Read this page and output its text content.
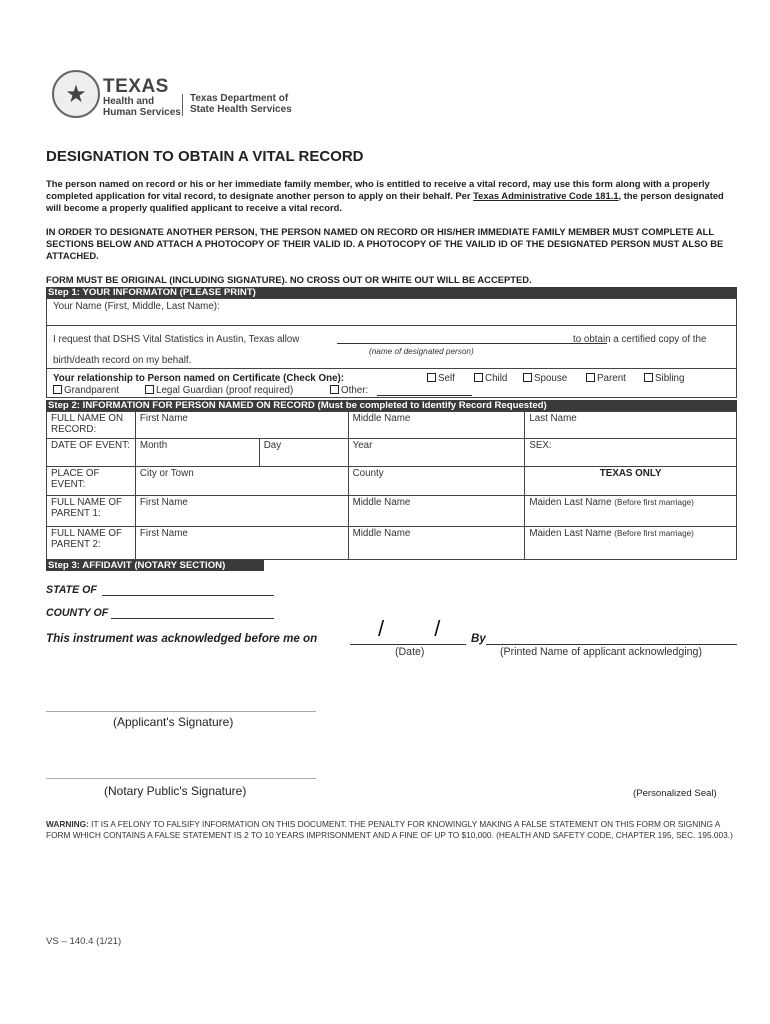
★ TEXAS
Health and Human Services
Texas Department of State Health Services
DESIGNATION TO OBTAIN A VITAL RECORD
The person named on record or his or her immediate family member, who is entitled to receive a vital record, may use this form along with a properly completed application for vital record, to designate another person to apply on their behalf. Per Texas Administrative Code 181.1, the person designated will become a properly qualified applicant to receive a vital record.
IN ORDER TO DESIGNATE ANOTHER PERSON, THE PERSON NAMED ON RECORD OR HIS/HER IMMEDIATE FAMILY MEMBER MUST COMPLETE ALL SECTIONS BELOW AND ATTACH A PHOTOCOPY OF THEIR VALID ID. A PHOTOCOPY OF THE VAILID ID OF THE DESIGNATED PERSON MUST ALSO BE ATTACHED.
FORM MUST BE ORIGINAL (INCLUDING SIGNATURE). NO CROSS OUT OR WHITE OUT WILL BE ACCEPTED.
Step 1: YOUR INFORMATON (PLEASE PRINT)
Your Name (First, Middle, Last Name):
I request that DSHS Vital Statistics in Austin, Texas allow	to obtain a certified copy of the
(name of designated person)
birth/death record on my behalf.
Your relationship to Person named on Certificate (Check One):	Self	Child	Spouse	Parent	Sibling
Grandparent	Legal Guardian (proof required)	Other:
Step 2: INFORMATION FOR PERSON NAMED ON RECORD (Must be completed to Identify Record Requested)
FULL NAME ON RECORD:	First Name		Middle Name	Last Name
DATE OF EVENT:	Month	Day	Year	SEX:
PLACE OF EVENT:	City or Town		County	TEXAS ONLY
FULL NAME OF PARENT 1:	First Name		Middle Name	Maiden Last Name (Before first marriage)
FULL NAME OF PARENT 2:	First Name		Middle Name	Maiden Last Name (Before first marriage)
Step 3: AFFIDAVIT (NOTARY SECTION)
STATE OF
COUNTY OF
This instrument was acknowledged before me on	/ / By
(Date)	(Printed Name of applicant acknowledging)
(Applicant's Signature)
(Notary Public's Signature)	(Personalized Seal)
WARNING: IT IS A FELONY TO FALSIFY INFORMATION ON THIS DOCUMENT. THE PENALTY FOR KNOWINGLY MAKING A FALSE STATEMENT ON THIS FORM OR SIGNING A FORM WHICH CONTAINS A FALSE STATEMENT IS 2 TO 10 YEARS IMPRISONMENT AND A FINE OF UP TO $10,000. (HEALTH AND SAFETY CODE, CHAPTER 195, SEC. 195.003.)
VS – 140.4 (1/21)
